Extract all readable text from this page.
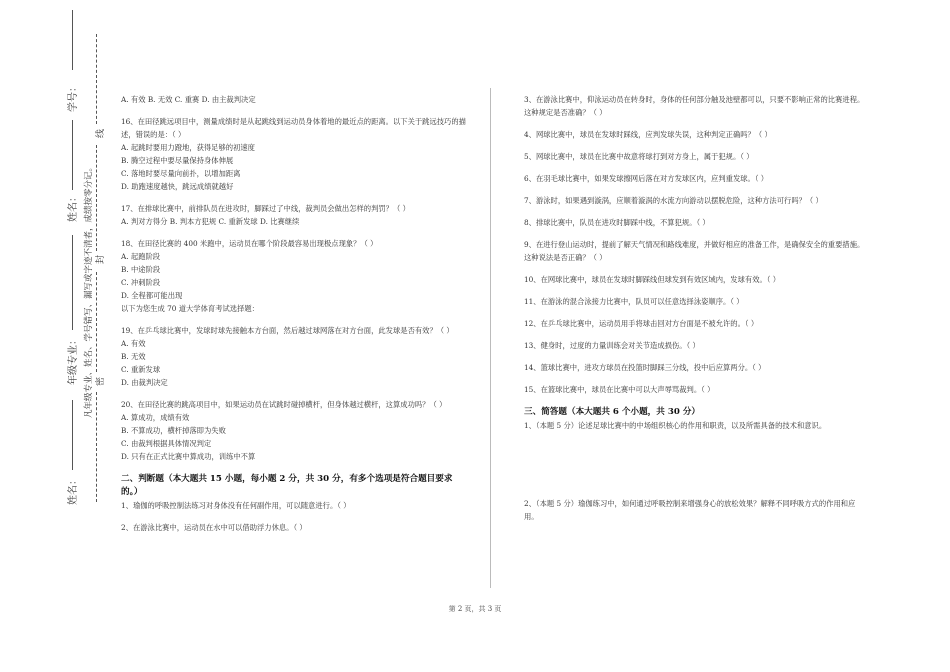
学号：
姓名：
年级专业：
姓名：
凡年级专业、姓名、学号错写、漏写或字迹不清者，成绩按零分记。
线
封
密

A. 有效 B. 无效 C. 重赛 D. 由主裁判决定

16、在田径跳远项目中，测量成绩时是从起跳线到运动员身体着地的最近点的距离。以下关于跳远技巧的描述，错误的是：（ ）

A. 起跳时要用力蹬地，获得足够的初速度

B. 腾空过程中要尽量保持身体伸展

C. 落地时要尽量向前扑，以增加距离

D. 助跑速度越快，跳远成绩就越好

17、在排球比赛中，前排队员在进攻时，脚踩过了中线，裁判员会做出怎样的判罚？（ ）

A. 判对方得分 B. 判本方犯规 C. 重新发球 D. 比赛继续

18、在田径比赛的 400 米跑中，运动员在哪个阶段最容易出现极点现象？（ ）

A. 起跑阶段

B. 中途阶段

C. 冲刺阶段

D. 全程都可能出现

以下为您生成 70 道大学体育考试选择题：

19、在乒乓球比赛中，发球时球先接触本方台面，然后越过球网落在对方台面，此发球是否有效？（ ）

A. 有效

B. 无效

C. 重新发球

D. 由裁判决定

20、在田径比赛的跳高项目中，如果运动员在试跳时碰掉横杆，但身体越过横杆，这算成功吗？（ ）

A. 算成功，成绩有效

B. 不算成功，横杆掉落即为失败

C. 由裁判根据具体情况判定

D. 只有在正式比赛中算成功，训练中不算

二、判断题（本大题共 15 小题，每小题 2 分，共 30 分，有多个选项是符合题目要求的。）

1、瑜伽的呼吸控制法练习对身体没有任何副作用，可以随意进行。（ ）

2、在游泳比赛中，运动员在水中可以借助浮力休息。（ ）

3、在游泳比赛中，仰泳运动员在转身时，身体的任何部分触及池壁都可以，只要不影响正常的比赛进程。这种规定是否准确？（ ）

4、网球比赛中，球员在发球时踩线，应判发球失误，这种判定正确吗？（ ）

5、网球比赛中，球员在比赛中故意将球打到对方身上，属于犯规。（ ）

6、在羽毛球比赛中，如果发球擦网后落在对方发球区内，应判重发球。（ ）

7、游泳时，如果遇到漩涡，应顺着漩涡的水流方向游动以摆脱危险，这种方法可行吗？（ ）

8、排球比赛中，队员在进攻时脚踩中线，不算犯规。（ ）

9、在进行登山运动时，提前了解天气情况和路线难度，并做好相应的准备工作，是确保安全的重要措施。这种说法是否正确？（ ）

10、在网球比赛中，球员在发球时脚踩线但球发到有效区域内，发球有效。（ ）

11、在游泳的混合泳接力比赛中，队员可以任意选择泳姿顺序。（ ）

12、在乒乓球比赛中，运动员用手将球击回对方台面是不被允许的。（ ）

13、健身时，过度的力量训练会对关节造成损伤。（ ）

14、篮球比赛中，进攻方球员在投篮时脚踩三分线，投中后应算两分。（ ）

15、在篮球比赛中，球员在比赛中可以大声辱骂裁判。（ ）

三、简答题（本大题共 6 个小题，共 30 分）

1、（本题 5 分）论述足球比赛中的中场组织核心的作用和职责，以及所需具备的技术和意识。

2、（本题 5 分）瑜伽练习中，如何通过呼吸控制来增强身心的放松效果？解释不同呼吸方式的作用和应用。

第 2 页，共 3 页
